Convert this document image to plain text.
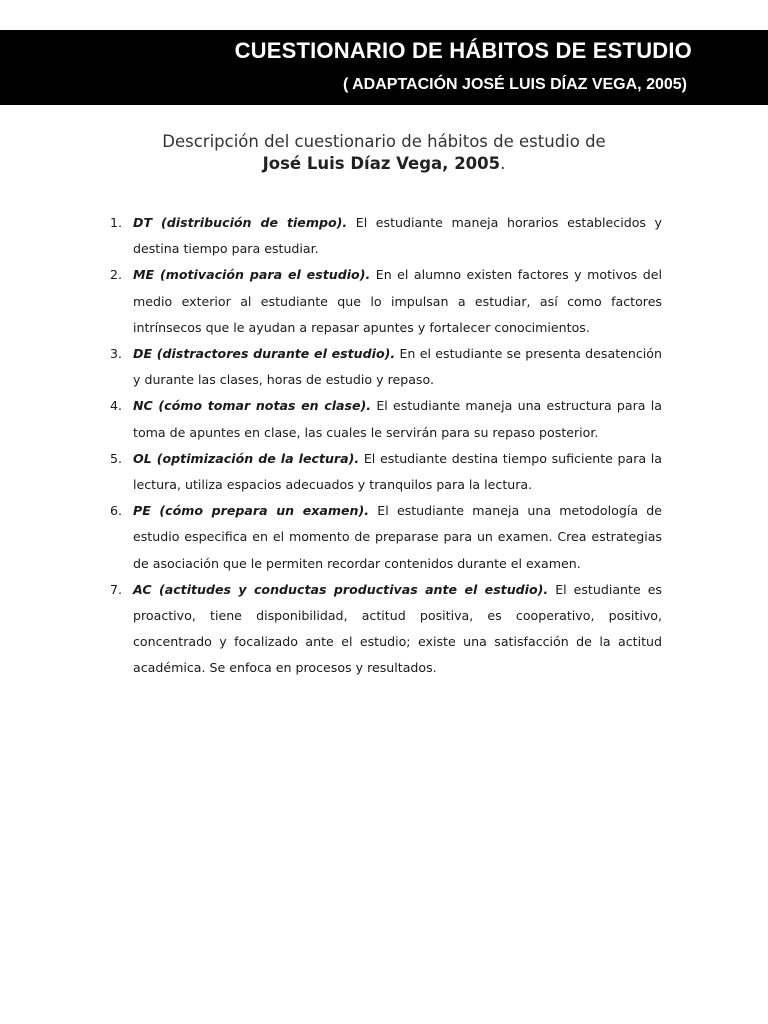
CUESTIONARIO DE HÁBITOS DE ESTUDIO
( ADAPTACIÓN JOSÉ LUIS DÍAZ VEGA, 2005)
Descripción del cuestionario de hábitos de estudio de
José Luis Díaz Vega, 2005.
1. DT (distribución de tiempo). El estudiante maneja horarios establecidos y destina tiempo para estudiar.
2. ME (motivación para el estudio). En el alumno existen factores y motivos del medio exterior al estudiante que lo impulsan a estudiar, así como factores intrínsecos que le ayudan a repasar apuntes y fortalecer conocimientos.
3. DE (distractores durante el estudio). En el estudiante se presenta desatención y durante las clases, horas de estudio y repaso.
4. NC (cómo tomar notas en clase). El estudiante maneja una estructura para la toma de apuntes en clase, las cuales le servirán para su repaso posterior.
5. OL (optimización de la lectura). El estudiante destina tiempo suficiente para la lectura, utiliza espacios adecuados y tranquilos para la lectura.
6. PE (cómo prepara un examen). El estudiante maneja una metodología de estudio especifica en el momento de preparase para un examen. Crea estrategias de asociación que le permiten recordar contenidos durante el examen.
7. AC (actitudes y conductas productivas ante el estudio). El estudiante es proactivo, tiene disponibilidad, actitud positiva, es cooperativo, positivo, concentrado y focalizado ante el estudio; existe una satisfacción de la actitud académica. Se enfoca en procesos y resultados.
